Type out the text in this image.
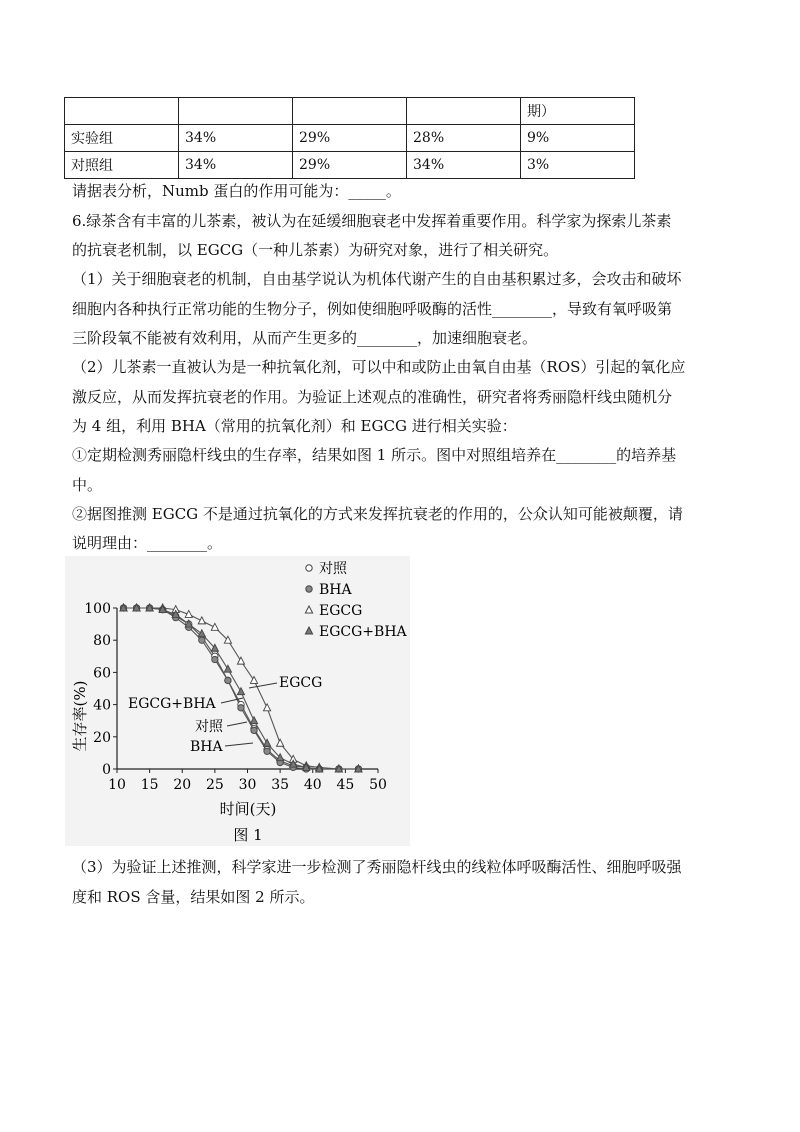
				期）
实验组	34%	29%	28%	9%
对照组	34%	29%	34%	3%
请据表分析，Numb 蛋白的作用可能为：_____。
6.绿茶含有丰富的儿茶素，被认为在延缓细胞衰老中发挥着重要作用。科学家为探索儿茶素
的抗衰老机制，以 EGCG（一种儿茶素）为研究对象，进行了相关研究。
（1）关于细胞衰老的机制，自由基学说认为机体代谢产生的自由基积累过多，会攻击和破坏
细胞内各种执行正常功能的生物分子，例如使细胞呼吸酶的活性________，导致有氧呼吸第
三阶段氧不能被有效利用，从而产生更多的________，加速细胞衰老。
（2）儿茶素一直被认为是一种抗氧化剂，可以中和或防止由氧自由基（ROS）引起的氧化应
激反应，从而发挥抗衰老的作用。为验证上述观点的准确性，研究者将秀丽隐杆线虫随机分
为 4 组，利用 BHA（常用的抗氧化剂）和 EGCG 进行相关实验：
①定期检测秀丽隐杆线虫的生存率，结果如图 1 所示。图中对照组培养在________的培养基
中。
②据图推测 EGCG 不是通过抗氧化的方式来发挥抗衰老的作用的，公众认知可能被颠覆，请
说明理由：________。
10 15 20 25 30 35 40 45 50
0
20
40
60
80
100
EGCG
EGCG+BHA
对照
BHA
对照
BHA
EGCG
EGCG+BHA
时间(天)
图 1
生存率(%)
（3）为验证上述推测，科学家进一步检测了秀丽隐杆线虫的线粒体呼吸酶活性、细胞呼吸强
度和 ROS 含量，结果如图 2 所示。
